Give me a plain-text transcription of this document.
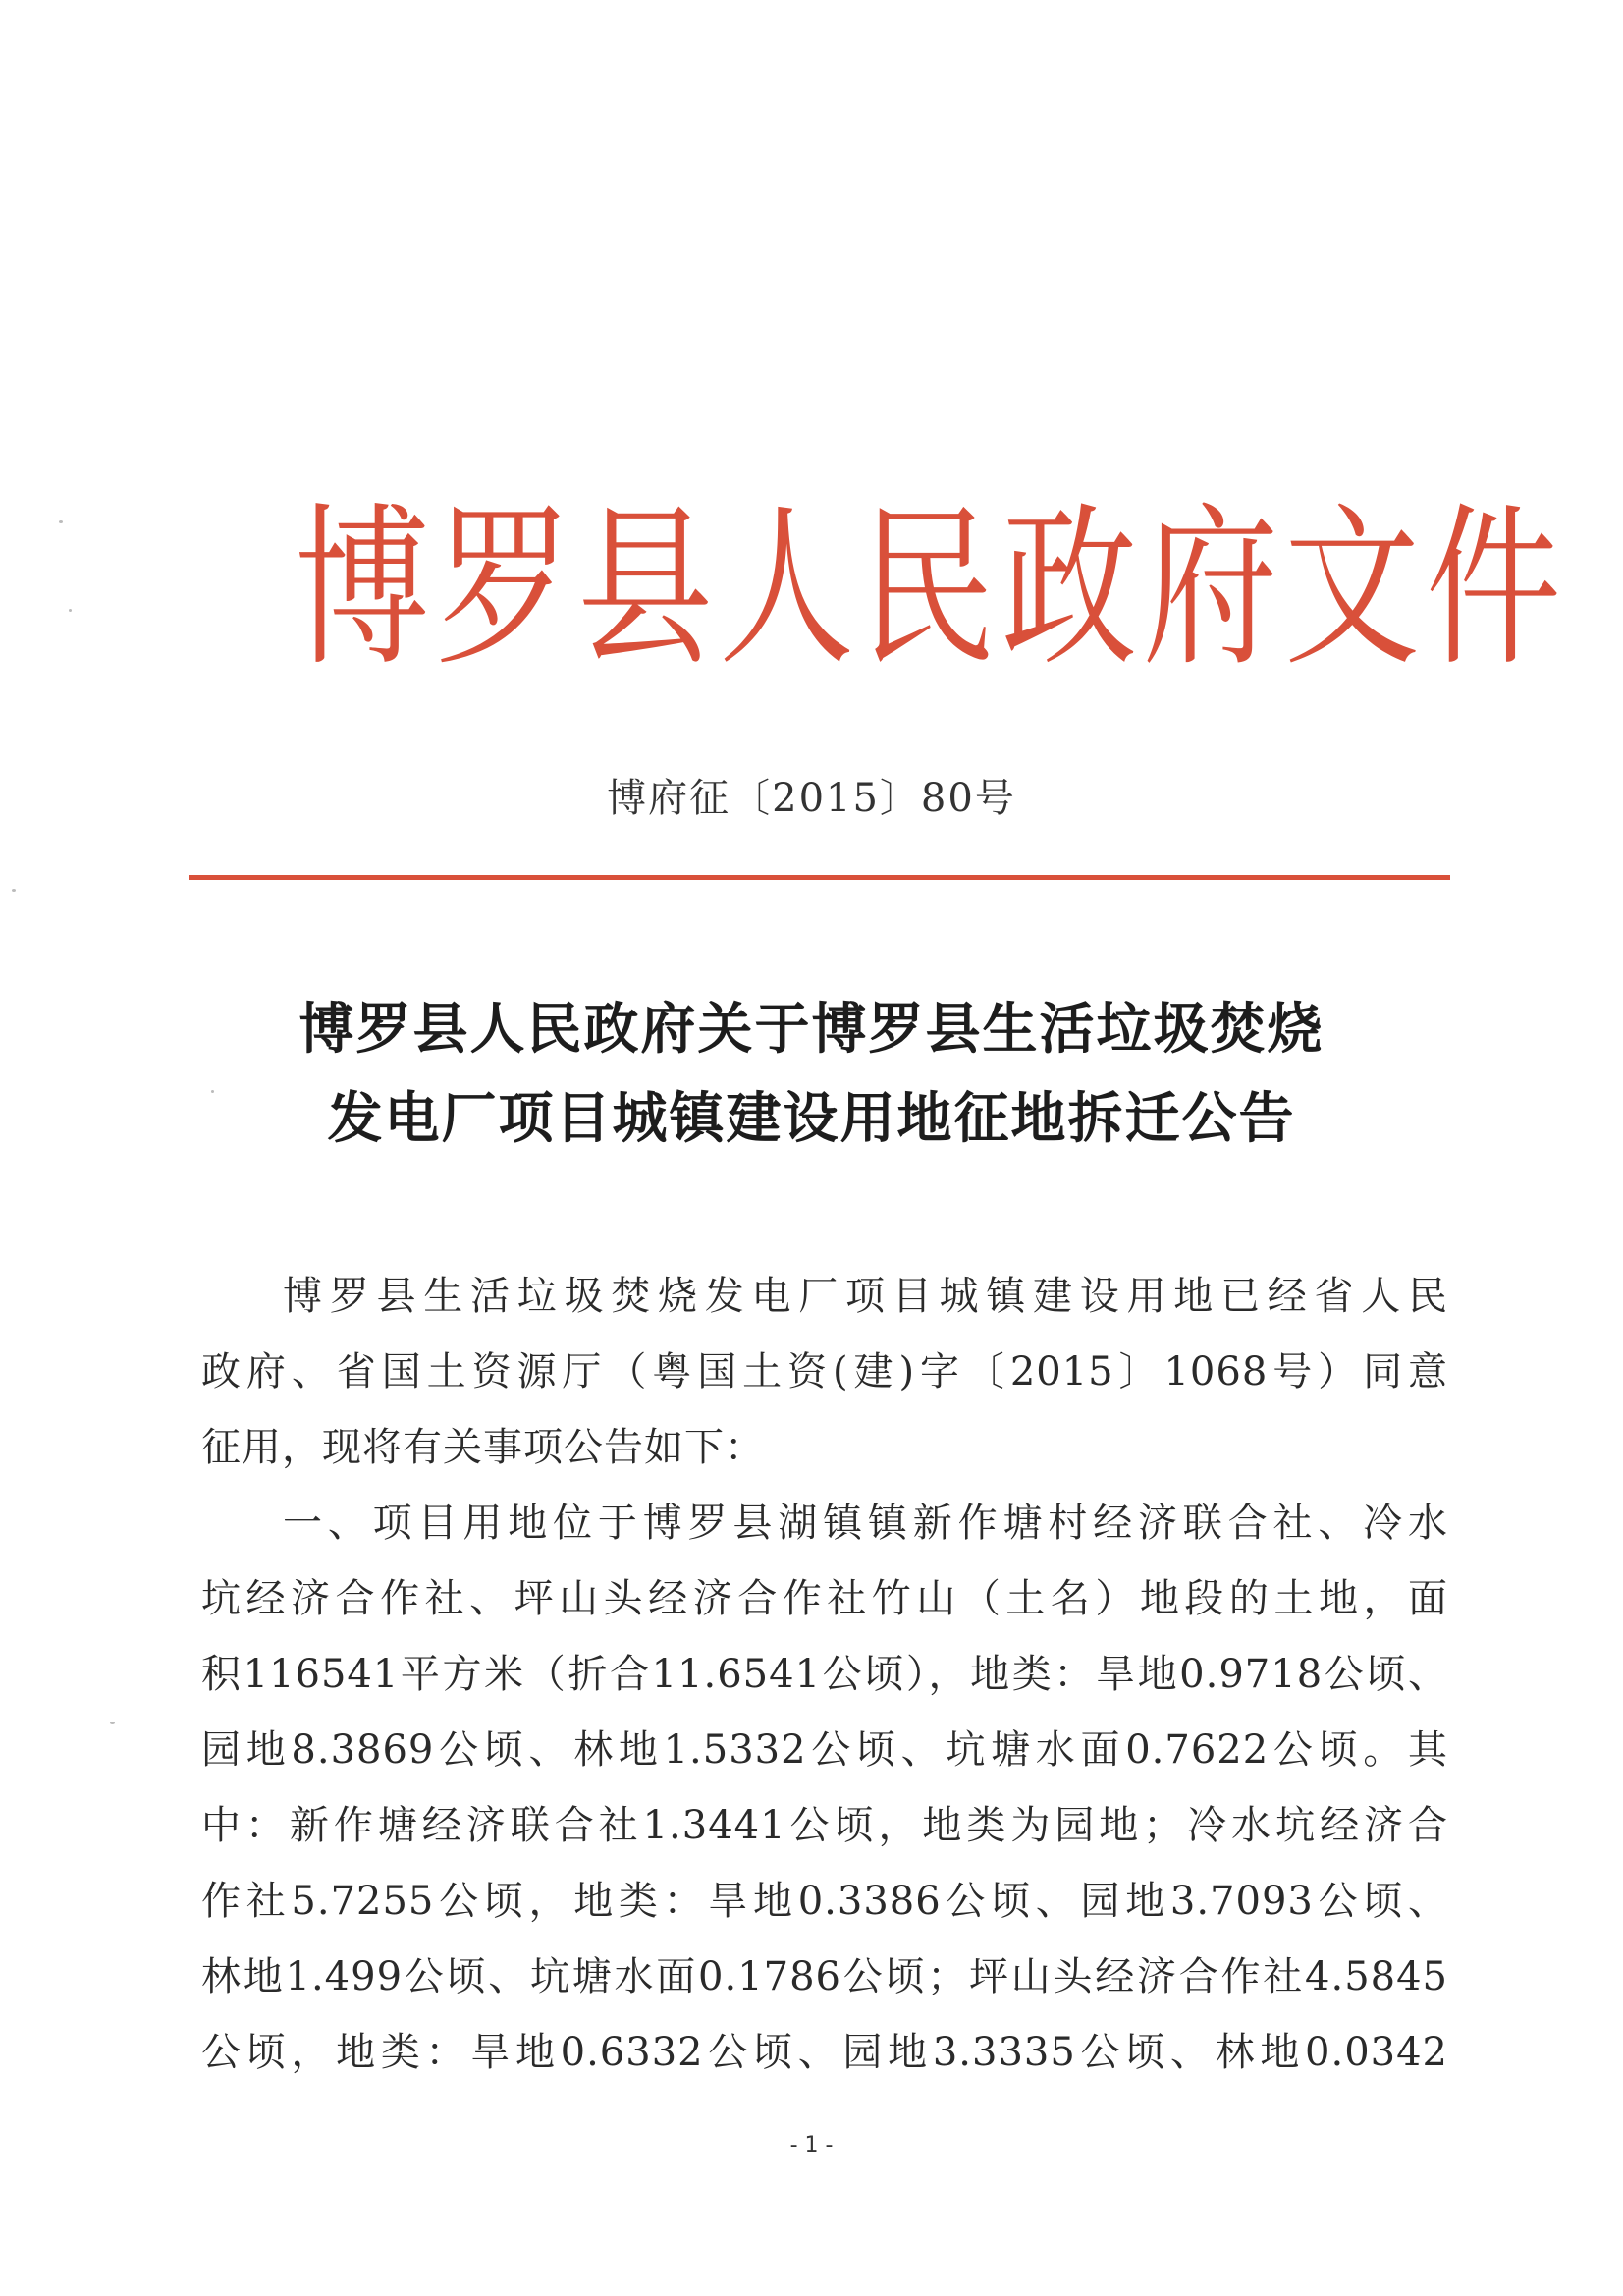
博罗县人民政府文件
博府征〔2015〕80号
博罗县人民政府关于博罗县生活垃圾焚烧
发电厂项目城镇建设用地征地拆迁公告
博罗县生活垃圾焚烧发电厂项目城镇建设用地已经省人民
政府、省国土资源厅（粤国土资(建)字〔2015〕1068号）同意
征用，现将有关事项公告如下：
一、项目用地位于博罗县湖镇镇新作塘村经济联合社、冷水
坑经济合作社、坪山头经济合作社竹山（土名）地段的土地，面
积116541平方米（折合11.6541公顷），地类：旱地0.9718公顷、
园地8.3869公顷、林地1.5332公顷、坑塘水面0.7622公顷。其
中：新作塘经济联合社1.3441公顷，地类为园地；冷水坑经济合
作社5.7255公顷，地类：旱地0.3386公顷、园地3.7093公顷、
林地1.499公顷、坑塘水面0.1786公顷；坪山头经济合作社4.5845
公顷，地类：旱地0.6332公顷、园地3.3335公顷、林地0.0342
- 1 -
